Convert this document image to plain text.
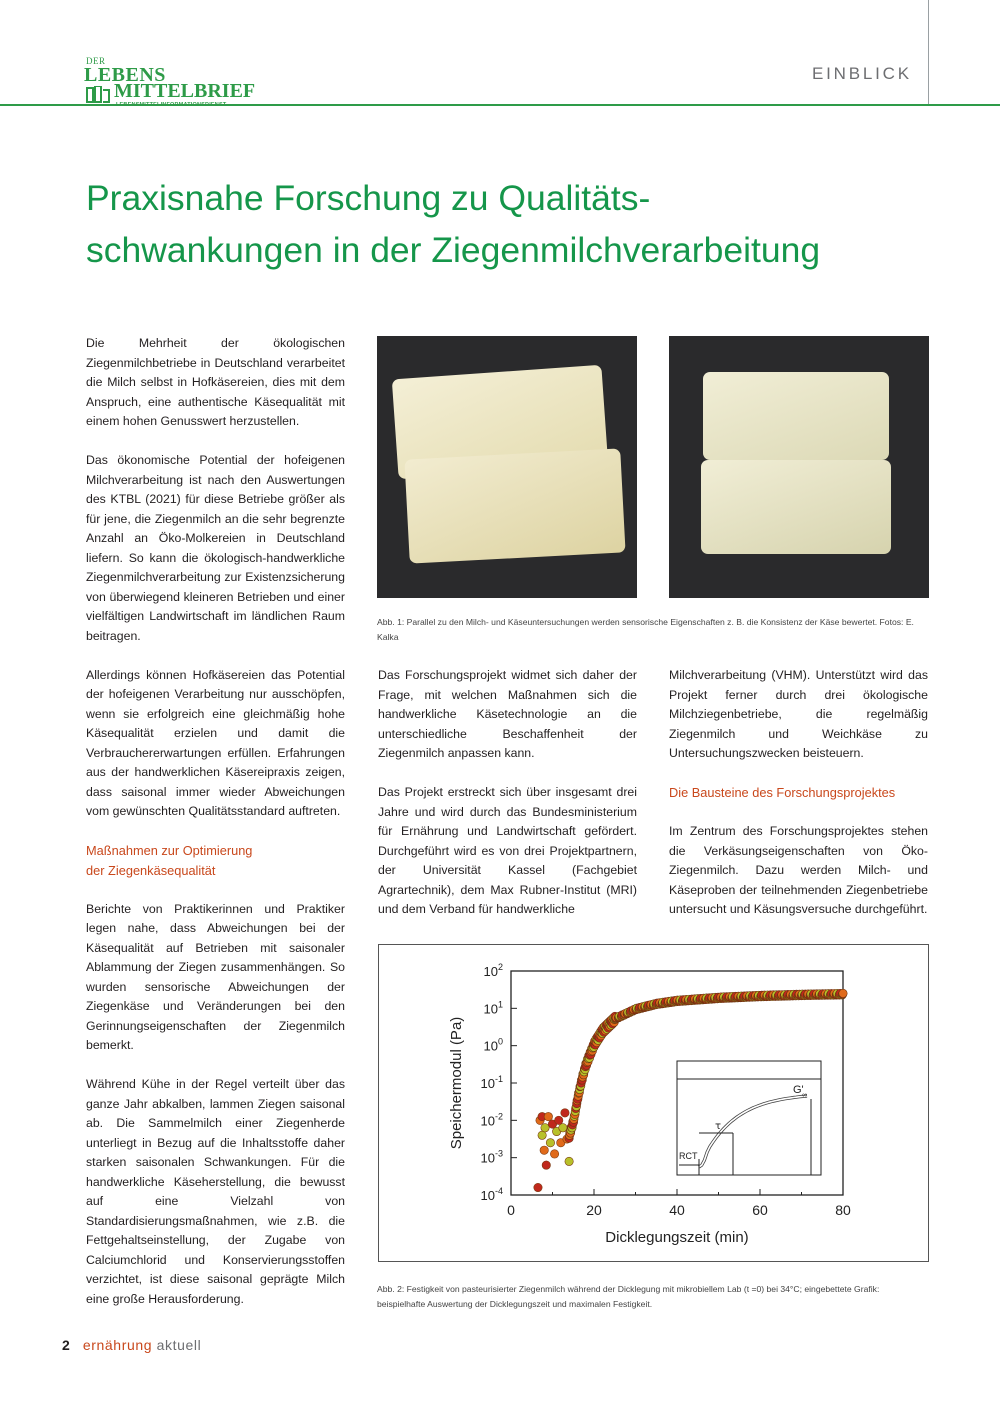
DER
LEBENS
MITTELBRIEF
EINBLICK
Praxisnahe Forschung zu Qualitäts-
schwankungen in der Ziegenmilchverarbeitung

Die Mehrheit der ökologischen Ziegenmilchbetriebe in Deutschland verarbeitet die Milch selbst in Hofkäsereien, dies mit dem Anspruch, eine authentische Käsequalität mit einem hohen Genusswert herzustellen.

Das ökonomische Potential der hofeigenen Milchverarbeitung ist nach den Auswertungen des KTBL (2021) für diese Betriebe größer als für jene, die Ziegenmilch an die sehr begrenzte Anzahl an Öko-Molkereien in Deutschland liefern. So kann die ökologisch-handwerkliche Ziegenmilchverarbeitung zur Existenzsicherung von überwiegend kleineren Betrieben und einer vielfältigen Landwirtschaft im ländlichen Raum beitragen.

Allerdings können Hofkäsereien das Potential der hofeigenen Verarbeitung nur ausschöpfen, wenn sie erfolgreich eine gleichmäßig hohe Käsequalität erzielen und damit die Verbrauchererwartungen erfüllen. Erfahrungen aus der handwerklichen Käsereipraxis zeigen, dass saisonal immer wieder Abweichungen vom gewünschten Qualitätsstandard auftreten.

Maßnahmen zur Optimierung
der Ziegenkäsequalität

Berichte von Praktikerinnen und Praktiker legen nahe, dass Abweichungen bei der Käsequalität auf Betrieben mit saisonaler Ablammung der Ziegen zusammenhängen. So wurden sensorische Abweichungen der Ziegenkäse und Veränderungen bei den Gerinnungseigenschaften der Ziegenmilch bemerkt.

Während Kühe in der Regel verteilt über das ganze Jahr abkalben, lammen Ziegen saisonal ab. Die Sammelmilch einer Ziegenherde unterliegt in Bezug auf die Inhaltsstoffe daher starken saisonalen Schwankungen. Für die handwerkliche Käseherstellung, die bewusst auf eine Vielzahl von Standardisierungsmaßnahmen, wie z.B. die Fettgehaltseinstellung, der Zugabe von Calciumchlorid und Konservierungsstoffen verzichtet, ist diese saisonal geprägte Milch eine große Herausforderung.

Abb. 1: Parallel zu den Milch- und Käseuntersuchungen werden sensorische Eigenschaften z. B. die Konsistenz der Käse bewertet. Fotos: E. Kalka

Das Forschungsprojekt widmet sich daher der Frage, mit welchen Maßnahmen sich die handwerkliche Käsetechnologie an die unterschiedliche Beschaffenheit der Ziegenmilch anpassen kann.

Das Projekt erstreckt sich über insgesamt drei Jahre und wird durch das Bundesministerium für Ernährung und Landwirtschaft gefördert. Durchgeführt wird es von drei Projektpartnern, der Universität Kassel (Fachgebiet Agrartechnik), dem Max Rubner-Institut (MRI) und dem Verband für handwerkliche

Milchverarbeitung (VHM). Unterstützt wird das Projekt ferner durch drei ökologische Milchziegenbetriebe, die regelmäßig Ziegenmilch und Weichkäse zu Untersuchungszwecken beisteuern.

Die Bausteine des Forschungsprojektes

Im Zentrum des Forschungsprojektes stehen die Verkäsungseigenschaften von Öko-Ziegenmilch. Dazu werden Milch- und Käseproben der teilnehmenden Ziegenbetriebe untersucht und Käsungsversuche durchgeführt.

0	20	40	60	80
$10^{-4}$
$10^{-3}$
$10^{-2}$
$10^{-1}$
$10^0$
$10^1$
$10^2$
Dicklegungszeit (min)
Speichermodul (Pa)	G'
∞
τ
RCT
Abb. 2: Festigkeit von pasteurisierter Ziegenmilch während der Dicklegung mit mikrobiellem Lab (t =0) bei 34°C; eingebettete Grafik: beispielhafte Auswertung der Dicklegungszeit und maximalen Festigkeit.
2 ernährung aktuell
